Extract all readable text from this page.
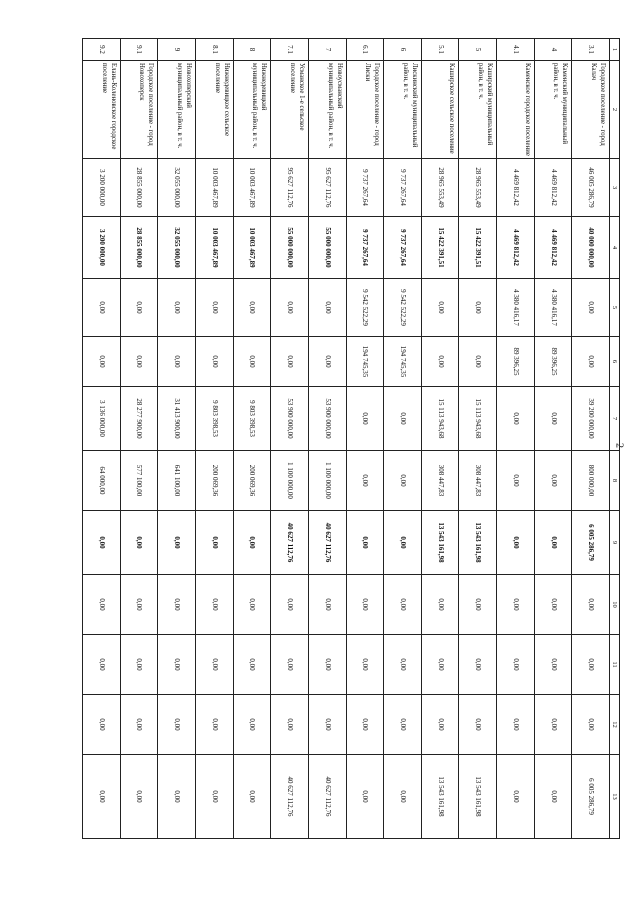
2
1	2	3	4	5	6	7	8	9	10	11	12	13
3.1	Городское поселение - город Калач	46 005 286,79	40 000 000,00	0,00	0,00	39 200 000,00	800 000,00	6 005 286,79	0,00	0,00	0,00	6 005 286,79
4	Каменский муниципальный район, в т. ч.	4 469 812,42	4 469 812,42	4 380 416,17	89 396,25	0,00	0,00	0,00	0,00	0,00	0,00	0,00
4.1	Каменское городское поселение	4 469 812,42	4 469 812,42	4 380 416,17	89 396,25	0,00	0,00	0,00	0,00	0,00	0,00	0,00
5	Каширский муниципальный район, в т. ч.	28 965 553,49	15 422 391,51	0,00	0,00	15 113 943,68	308 447,83	13 543 161,98	0,00	0,00	0,00	13 543 161,98
5.1	Каширское сельское поселение	28 965 553,49	15 422 391,51	0,00	0,00	15 113 943,68	308 447,83	13 543 161,98	0,00	0,00	0,00	13 543 161,98
6	Лискинский муниципальный район, в т. ч.	9 737 267,64	9 737 267,64	9 542 522,29	194 745,35	0,00	0,00	0,00	0,00	0,00	0,00	0,00
6.1	Городское поселение - город Лиски	9 737 267,64	9 737 267,64	9 542 522,29	194 745,35	0,00	0,00	0,00	0,00	0,00	0,00	0,00
7	Новоусманский муниципальный район, в т. ч.	95 627 112,76	55 000 000,00	0,00	0,00	53 900 000,00	1 100 000,00	40 627 112,76	0,00	0,00	0,00	40 627 112,76
7.1	Усманское 1-е сельское поселение	95 627 112,76	55 000 000,00	0,00	0,00	53 900 000,00	1 100 000,00	40 627 112,76	0,00	0,00	0,00	40 627 112,76
8	Нижнедевицкий муниципальный район, в т. ч.	10 003 467,89	10 003 467,89	0,00	0,00	9 803 398,53	200 069,36	0,00	0,00	0,00	0,00	0,00
8.1	Нижнедевицкое сельское поселение	10 003 467,89	10 003 467,89	0,00	0,00	9 803 398,53	200 069,36	0,00	0,00	0,00	0,00	0,00
9	Новохоперский муниципальный район, в т. ч.	32 055 000,00	32 055 000,00	0,00	0,00	31 413 900,00	641 100,00	0,00	0,00	0,00	0,00	0,00
9.1	Городское поселение - город Новохоперск	28 855 000,00	28 855 000,00	0,00	0,00	28 277 900,00	577 100,00	0,00	0,00	0,00	0,00	0,00
9.2	Елань-Коленовское городское поселение	3 200 000,00	3 200 000,00	0,00	0,00	3 136 000,00	64 000,00	0,00	0,00	0,00	0,00	0,00
